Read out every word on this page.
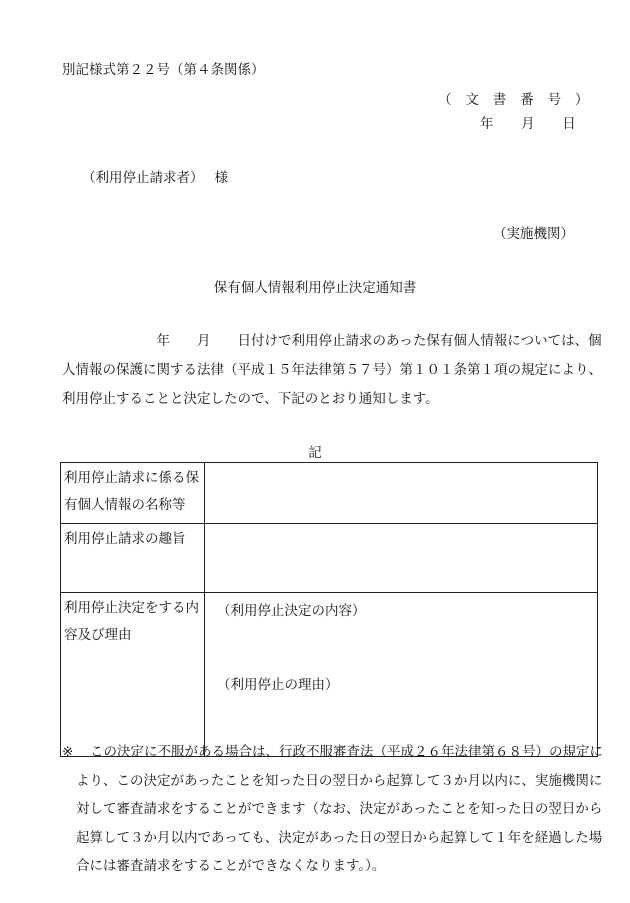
別記様式第２２号（第４条関係）
（　文　書　番　号　）
年　　月　　日
（利用停止請求者）　 様
（実施機関）
保有個人情報利用停止決定通知書
　　　　　　　年　　月　　日付けで利用停止請求のあった保有個人情報については、個人情報の保護に関する法律（平成１５年法律第５７号）第１０１条第１項の規定により、利用停止することと決定したので、下記のとおり通知します。
記
利用停止請求に係る保有個人情報の名称等	
利用停止請求の趣旨	
利用停止決定をする内容及び理由	（利用停止決定の内容）
（利用停止の理由）
※	この決定に不服がある場合は、行政不服審査法（平成２６年法律第６８号）の規定により、この決定があったことを知った日の翌日から起算して３か月以内に、実施機関に対して審査請求をすることができます（なお、決定があったことを知った日の翌日から起算して３か月以内であっても、決定があった日の翌日から起算して１年を経過した場合には審査請求をすることができなくなります。）。
